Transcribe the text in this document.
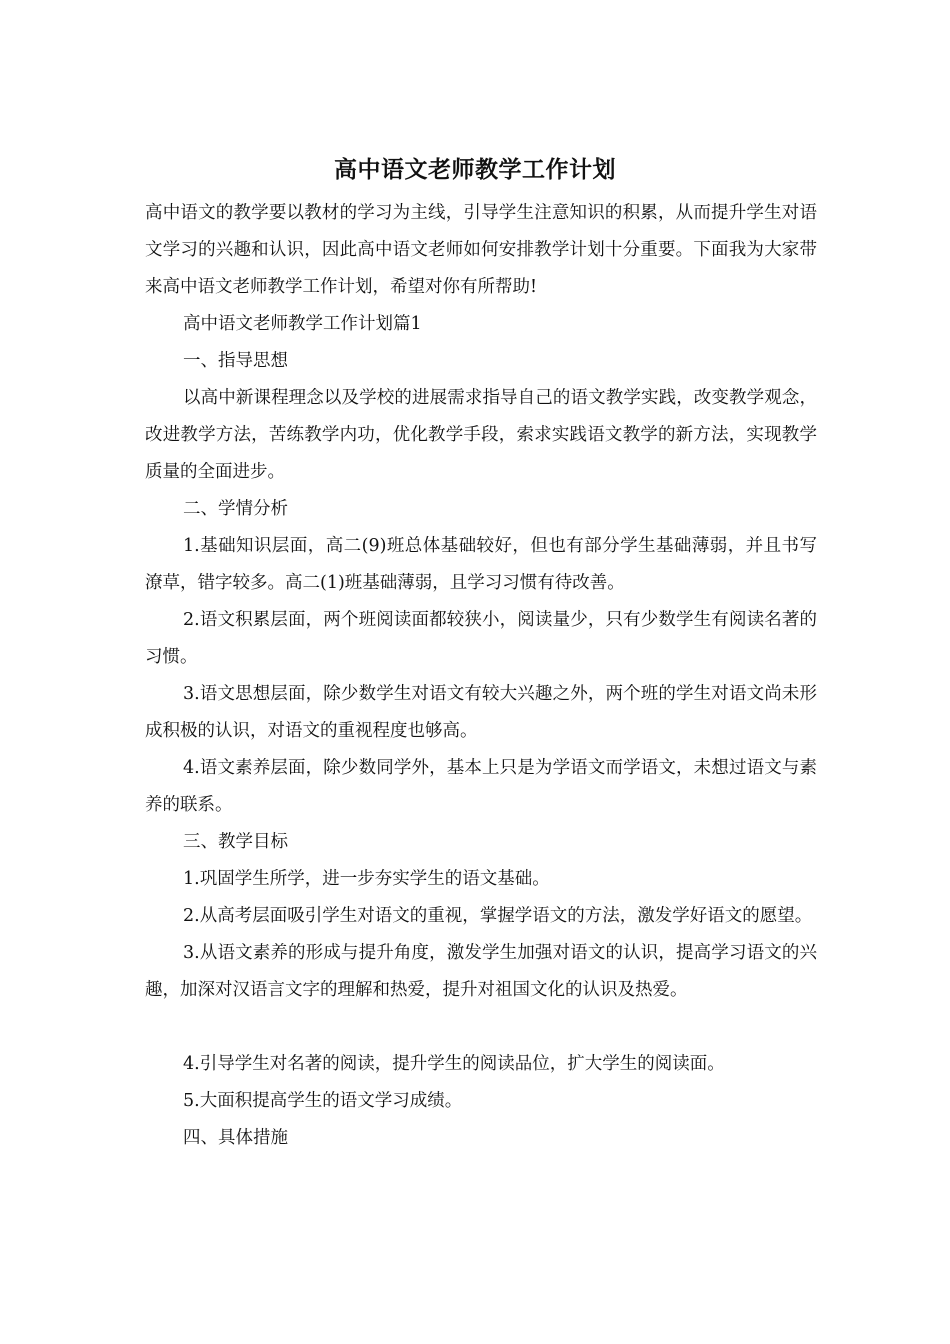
高中语文老师教学工作计划

高中语文的教学要以教材的学习为主线，引导学生注意知识的积累，从而提升学生对语文学习的兴趣和认识，因此高中语文老师如何安排教学计划十分重要。下面我为大家带来高中语文老师教学工作计划，希望对你有所帮助!

高中语文老师教学工作计划篇1

一、指导思想

以高中新课程理念以及学校的进展需求指导自己的语文教学实践，改变教学观念，改进教学方法，苦练教学内功，优化教学手段，索求实践语文教学的新方法，实现教学质量的全面进步。

二、学情分析

1.基础知识层面，高二(9)班总体基础较好，但也有部分学生基础薄弱，并且书写潦草，错字较多。高二(1)班基础薄弱，且学习习惯有待改善。

2.语文积累层面，两个班阅读面都较狭小，阅读量少，只有少数学生有阅读名著的习惯。

3.语文思想层面，除少数学生对语文有较大兴趣之外，两个班的学生对语文尚未形成积极的认识，对语文的重视程度也够高。

4.语文素养层面，除少数同学外，基本上只是为学语文而学语文，未想过语文与素养的联系。

三、教学目标

1.巩固学生所学，进一步夯实学生的语文基础。

2.从高考层面吸引学生对语文的重视，掌握学语文的方法，激发学好语文的愿望。

3.从语文素养的形成与提升角度，激发学生加强对语文的认识，提高学习语文的兴趣，加深对汉语言文字的理解和热爱，提升对祖国文化的认识及热爱。

4.引导学生对名著的阅读，提升学生的阅读品位，扩大学生的阅读面。

5.大面积提高学生的语文学习成绩。

四、具体措施
